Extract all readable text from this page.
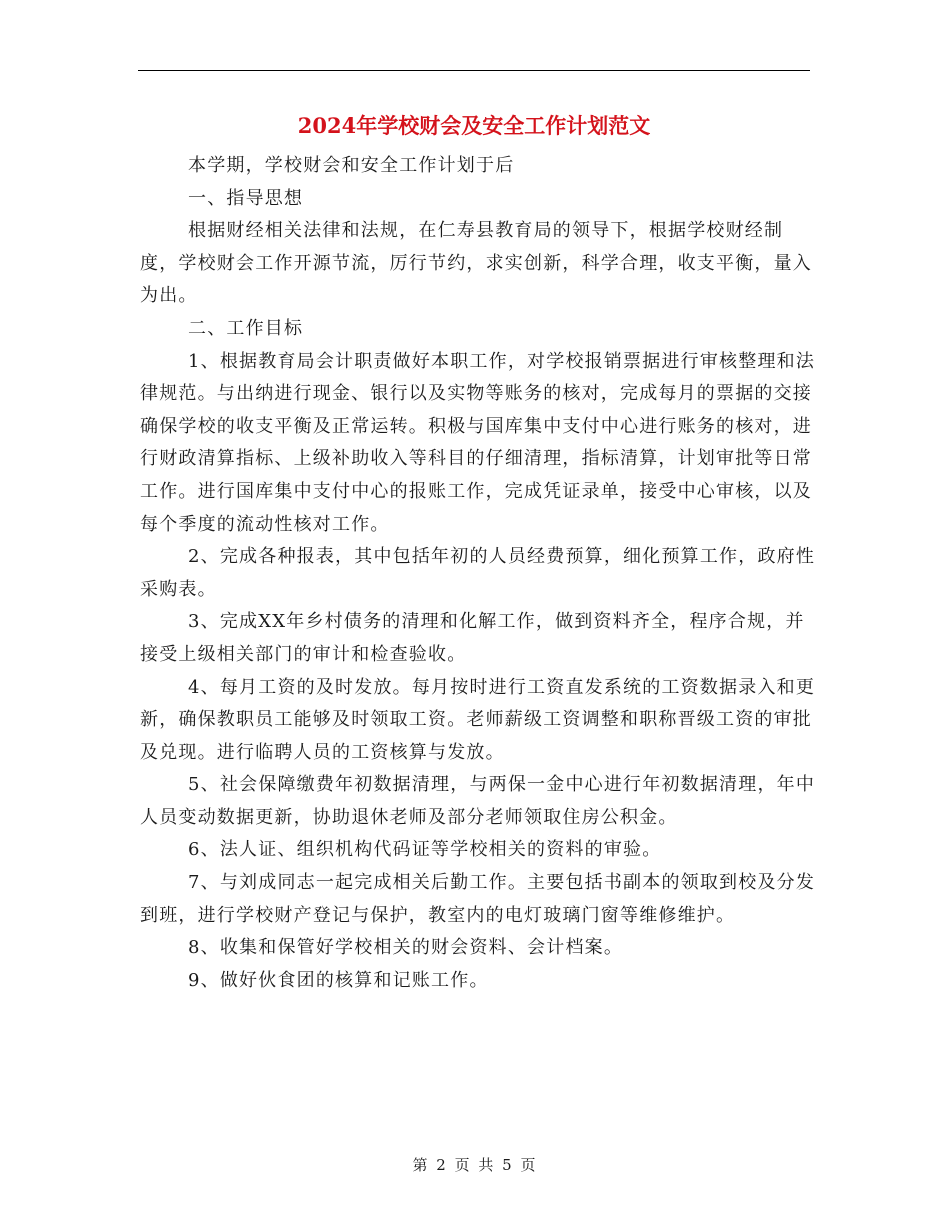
2024年学校财会及安全工作计划范文

本学期，学校财会和安全工作计划于后

一、指导思想

根据财经相关法律和法规，在仁寿县教育局的领导下，根据学校财经制度，学校财会工作开源节流，厉行节约，求实创新，科学合理，收支平衡，量入为出。

二、工作目标

1、根据教育局会计职责做好本职工作，对学校报销票据进行审核整理和法律规范。与出纳进行现金、银行以及实物等账务的核对，完成每月的票据的交接确保学校的收支平衡及正常运转。积极与国库集中支付中心进行账务的核对，进行财政清算指标、上级补助收入等科目的仔细清理，指标清算，计划审批等日常工作。进行国库集中支付中心的报账工作，完成凭证录单，接受中心审核，以及每个季度的流动性核对工作。

2、完成各种报表，其中包括年初的人员经费预算，细化预算工作，政府性采购表。

3、完成XX年乡村债务的清理和化解工作，做到资料齐全，程序合规，并接受上级相关部门的审计和检查验收。

4、每月工资的及时发放。每月按时进行工资直发系统的工资数据录入和更新，确保教职员工能够及时领取工资。老师薪级工资调整和职称晋级工资的审批及兑现。进行临聘人员的工资核算与发放。

5、社会保障缴费年初数据清理，与两保一金中心进行年初数据清理，年中人员变动数据更新，协助退休老师及部分老师领取住房公积金。

6、法人证、组织机构代码证等学校相关的资料的审验。

7、与刘成同志一起完成相关后勤工作。主要包括书副本的领取到校及分发到班，进行学校财产登记与保护，教室内的电灯玻璃门窗等维修维护。

8、收集和保管好学校相关的财会资料、会计档案。

9、做好伙食团的核算和记账工作。

第 2 页 共 5 页
